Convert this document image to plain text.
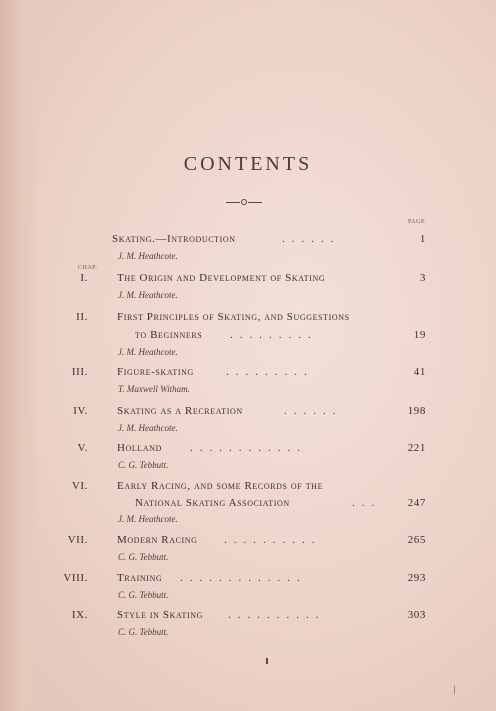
CONTENTS
PAGE
CHAP.
Skating.—Introduction	......	1
J. M. Heathcote.
I.	The Origin and Development of Skating	3
J. M. Heathcote.
II.	First Principles of Skating, and Suggestions
to Beginners	.........	19
J. M. Heathcote.
III.	Figure-skating	.........	41
T. Maxwell Witham.
IV.	Skating as a Recreation	......	198
J. M. Heathcote.
V.	Holland	............	221
C. G. Tebbutt.
VI.	Early Racing, and some Records of the
National Skating Association	... 247
J. M. Heathcote.
VII.	Modern Racing ..........	265
C. G. Tebbutt.
VIII.	Training .............	293
C. G. Tebbutt.
IX.	Style in Skating ..........	303
C. G. Tebbutt.
